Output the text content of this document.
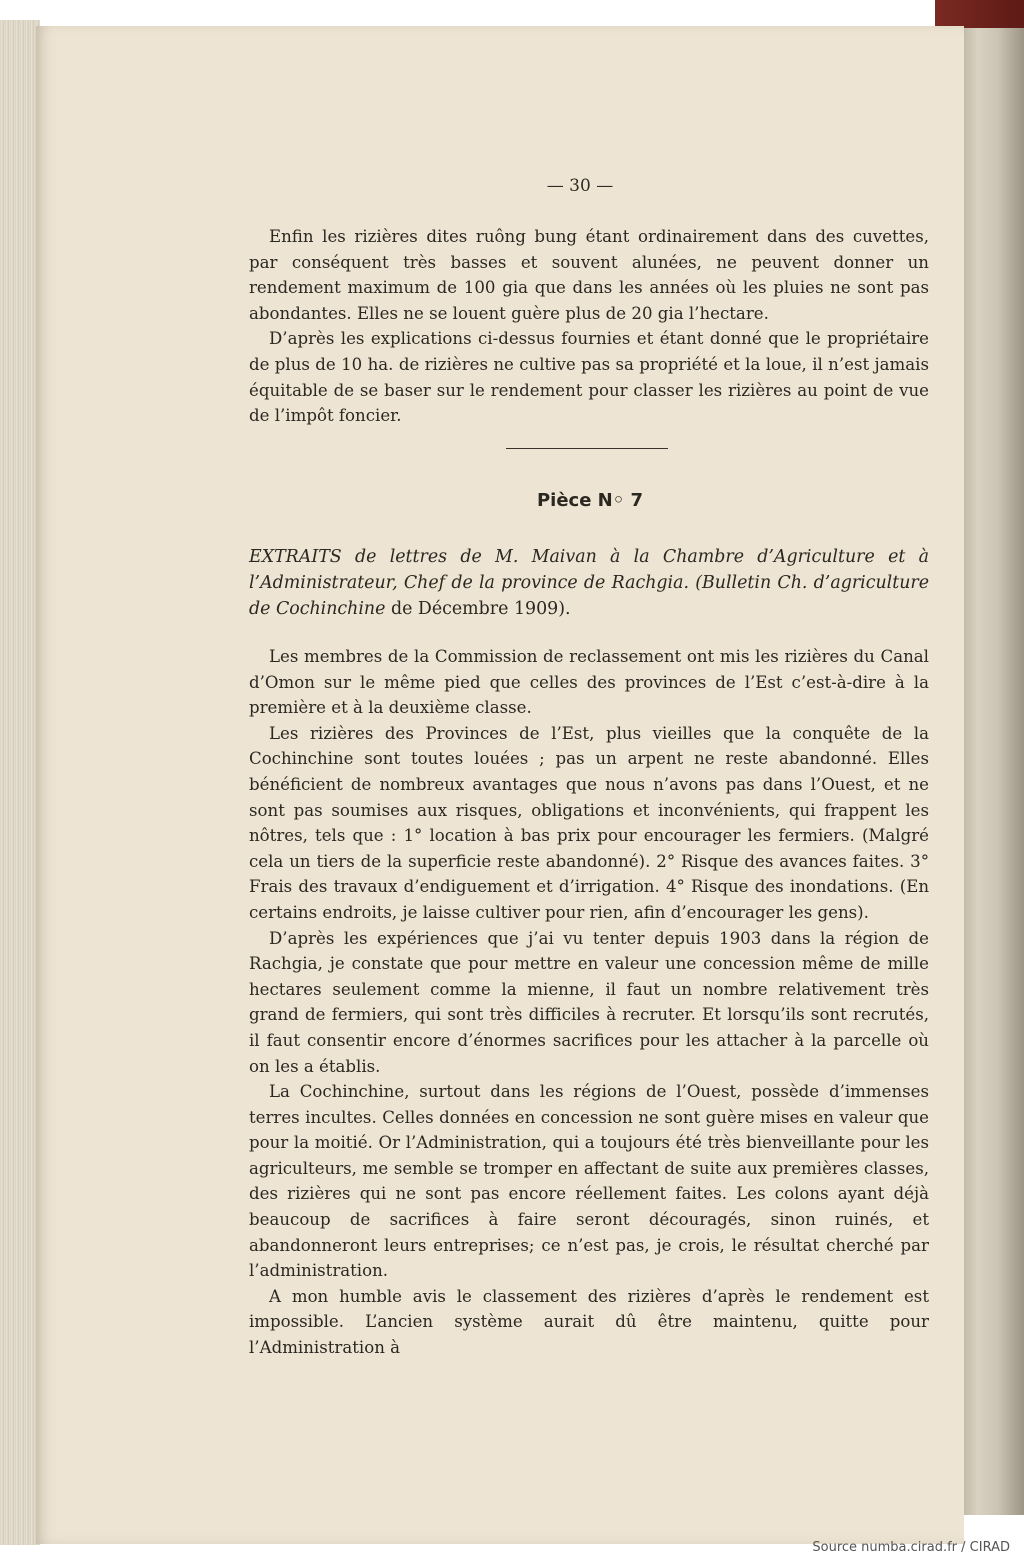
— 30 —

Enfin les rizières dites ruông bung étant ordinairement dans des cuvettes, par conséquent très basses et souvent alunées, ne peuvent donner un rendement maximum de 100 gia que dans les années où les pluies ne sont pas abondantes. Elles ne se louent guère plus de 20 gia l’hectare.

D’après les explications ci-dessus fournies et étant donné que le propriétaire de plus de 10 ha. de rizières ne cultive pas sa propriété et la loue, il n’est jamais équitable de se baser sur le rendement pour classer les rizières au point de vue de l’impôt foncier.

Pièce N◦ 7

EXTRAITS de lettres de M. Maivan à la Chambre d’Agriculture et à l’Administrateur, Chef de la province de Rachgia. (Bulletin Ch. d’agriculture de Cochinchine de Décembre 1909).

Les membres de la Commission de reclassement ont mis les rizières du Canal d’Omon sur le même pied que celles des provinces de l’Est c’est-à-dire à la première et à la deuxième classe.

Les rizières des Provinces de l’Est, plus vieilles que la conquête de la Cochinchine sont toutes louées ; pas un arpent ne reste abandonné. Elles bénéficient de nombreux avantages que nous n’avons pas dans l’Ouest, et ne sont pas soumises aux risques, obligations et inconvénients, qui frappent les nôtres, tels que : 1° location à bas prix pour encourager les fermiers. (Malgré cela un tiers de la superficie reste abandonné). 2° Risque des avances faites. 3° Frais des travaux d’endiguement et d’irrigation. 4° Risque des inondations. (En certains endroits, je laisse cultiver pour rien, afin d’encourager les gens).

D’après les expériences que j’ai vu tenter depuis 1903 dans la région de Rachgia, je constate que pour mettre en valeur une concession même de mille hectares seulement comme la mienne, il faut un nombre relativement très grand de fermiers, qui sont très difficiles à recruter. Et lorsqu’ils sont recrutés, il faut consentir encore d’énormes sacrifices pour les attacher à la parcelle où on les a établis.

La Cochinchine, surtout dans les régions de l’Ouest, possède d’immenses terres incultes. Celles données en concession ne sont guère mises en valeur que pour la moitié. Or l’Administration, qui a toujours été très bienveillante pour les agriculteurs, me semble se tromper en affectant de suite aux premières classes, des rizières qui ne sont pas encore réellement faites. Les colons ayant déjà beaucoup de sacrifices à faire seront découragés, sinon ruinés, et abandonneront leurs entreprises; ce n’est pas, je crois, le résultat cherché par l’administration.

A mon humble avis le classement des rizières d’après le rendement est impossible. L’ancien système aurait dû être maintenu, quitte pour l’Administration à

Source numba.cirad.fr / CIRAD
